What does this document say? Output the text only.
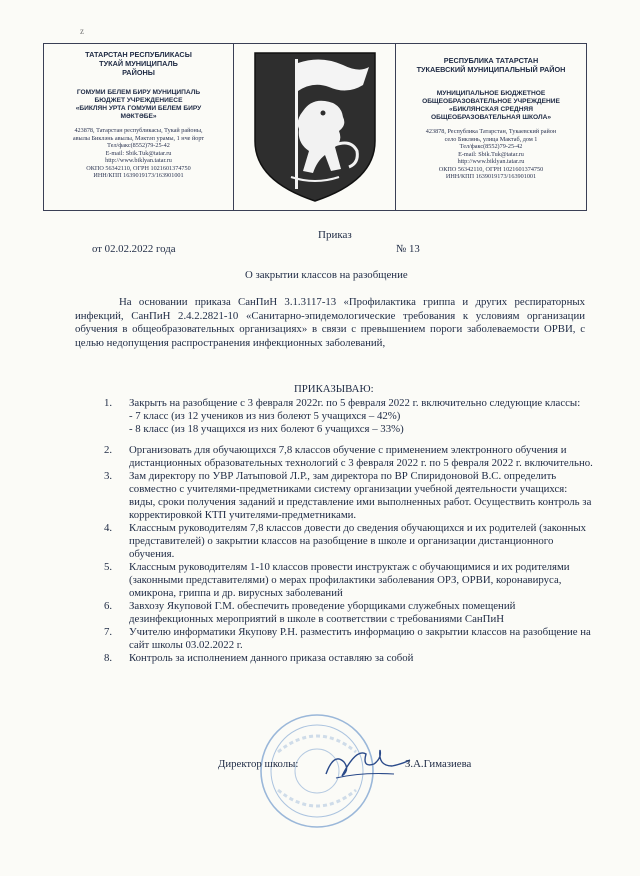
z

ТАТАРСТАН РЕСПУБЛИКАСЫ
ТУКАЙ МУНИЦИПАЛЬ
РАЙОНЫ

ГОМУМИ БЕЛЕМ БИРУ МУНИЦИПАЛЬ
БЮДЖЕТ УЧРЕЖДЕНИЕСЕ
«БИКЛЯН УРТА ГОМУМИ БЕЛЕМ БИРУ
МӘКТӘБЕ»
423878, Татарстан республикасы, Тукай районы,
авылы Бикләнь авылы, Мәктәп урамы, 1 нче йорт
Тел/факс(8552)79-25-42
E-mail: Sbik.Tuk@tatar.ru
http://www.biklyan.tatar.ru
ОКПО 56342110, ОГРН 1021601374750
ИНН/КПП 1639019173/163901001

РЕСПУБЛИКА ТАТАРСТАН
ТУКАЕВСКИЙ МУНИЦИПАЛЬНЫЙ РАЙОН

МУНИЦИПАЛЬНОЕ БЮДЖЕТНОЕ
ОБЩЕОБРАЗОВАТЕЛЬНОЕ УЧРЕЖДЕНИЕ
«БИКЛЯНСКАЯ СРЕДНЯЯ
ОБЩЕОБРАЗОВАТЕЛЬНАЯ ШКОЛА»
423878, Республика Татарстан, Тукаевский район
село Биклянь, улица Мактаб, дом 1
Тел/факс(8552)79-25-42
E-mail: Sbik.Tuk@tatar.ru
http://www.biklyan.tatar.ru
ОКПО 56342110, ОГРН 1021601374750
ИНН/КПП 1639019173/163901001
Приказ
от 02.02.2022 года	№ 13
О закрытии классов на разобщение
На основании приказа СанПиН 3.1.3117-13 «Профилактика гриппа и других респираторных инфекций, СанПиН 2.4.2.2821-10 «Санитарно-эпидемологические требования к условиям организации обучения в общеобразовательных организациях» в связи с превышением пороги заболеваемости ОРВИ, с целью недопущения распространения инфекционных заболеваний,
ПРИКАЗЫВАЮ:
1. Закрыть на разобщение с 3 февраля 2022г. по 5 февраля 2022 г. включительно следующие классы:
- 7 класс (из 12 учеников из низ болеют 5 учащихся – 42%)
- 8 класс (из 18 учащихся из них болеют 6 учащихся – 33%)
2. Организовать для обучающихся 7,8 классов обучение с применением электронного обучения и дистанционных образовательных технологий с 3 февраля 2022 г. по 5 февраля 2022 г. включительно.
3. Зам директору по УВР Латыповой Л.Р., зам директора по ВР Спиридоновой В.С. определить совместно с учителями-предметниками систему организации учебной деятельности учащихся: виды, сроки получения заданий и представление ими выполненных работ. Осуществить контроль за корректировкой КТП учителями-предметниками.
4. Классным руководителям 7,8 классов довести до сведения обучающихся и их родителей (законных представителей) о закрытии классов на разобщение в школе и организации дистанционного обучения.
5. Классным руководителям 1-10 классов провести инструктаж с обучающимися и их родителями (законными представителями) о мерах профилактики заболевания ОРЗ, ОРВИ, коронавируса, омикрона, гриппа и др. вирусных заболеваний
6. Завхозу Якуповой Г.М. обеспечить проведение уборщиками служебных помещений дезинфекционных мероприятий в школе в соответствии с требованиями СанПиН
7. Учителю информатики Якупову Р.Н. разместить информацию о закрытии классов на разобщение на сайт школы 03.02.2022 г.
8. Контроль за исполнением данного приказа оставляю за собой
Директор школы:	З.А.Гимазиева
